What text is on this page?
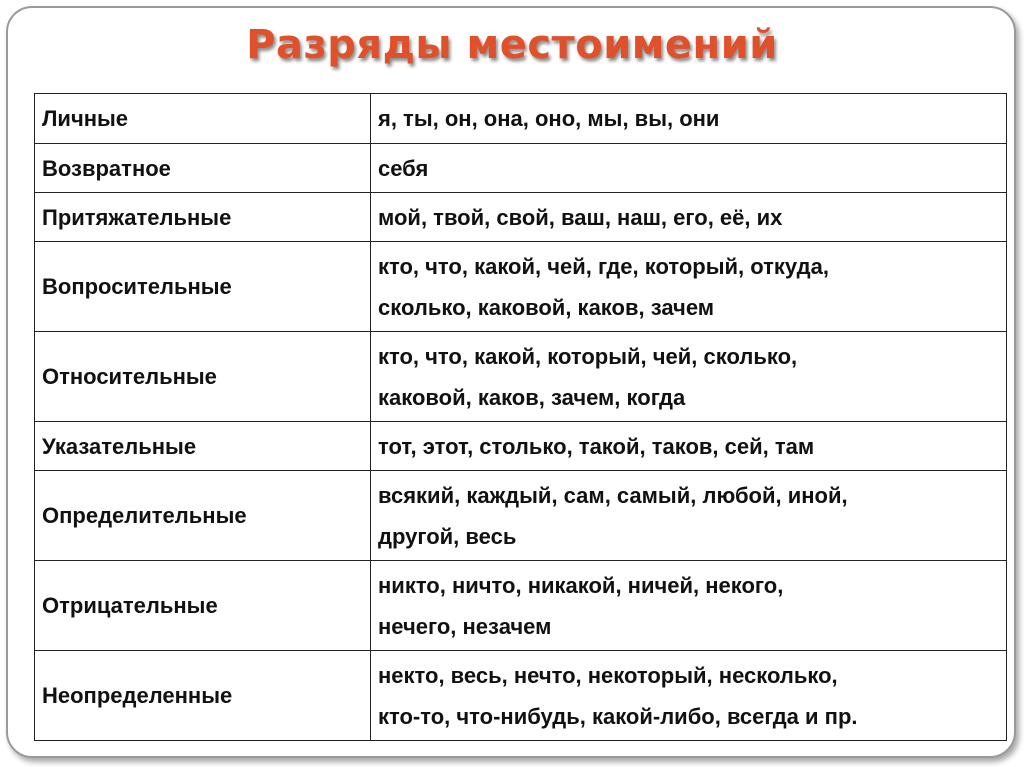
Разряды местоимений
Личные	я, ты, он, она, оно, мы, вы, они
Возвратное	себя
Притяжательные	мой, твой, свой, ваш, наш, его, её, их
Вопросительные	кто, что, какой, чей, где, который, откуда,
сколько, каковой, каков, зачем

Относительные	кто, что, какой, который, чей, сколько,
каковой, каков, зачем, когда

Указательные	тот, этот, столько, такой, таков, сей, там
Определительные	всякий, каждый, сам, самый, любой, иной,
другой, весь

Отрицательные	никто, ничто, никакой, ничей, некого,
нечего, незачем

Неопределенные	некто, весь, нечто, некоторый, несколько,
кто-то, что-нибудь, какой-либо, всегда и пр.
